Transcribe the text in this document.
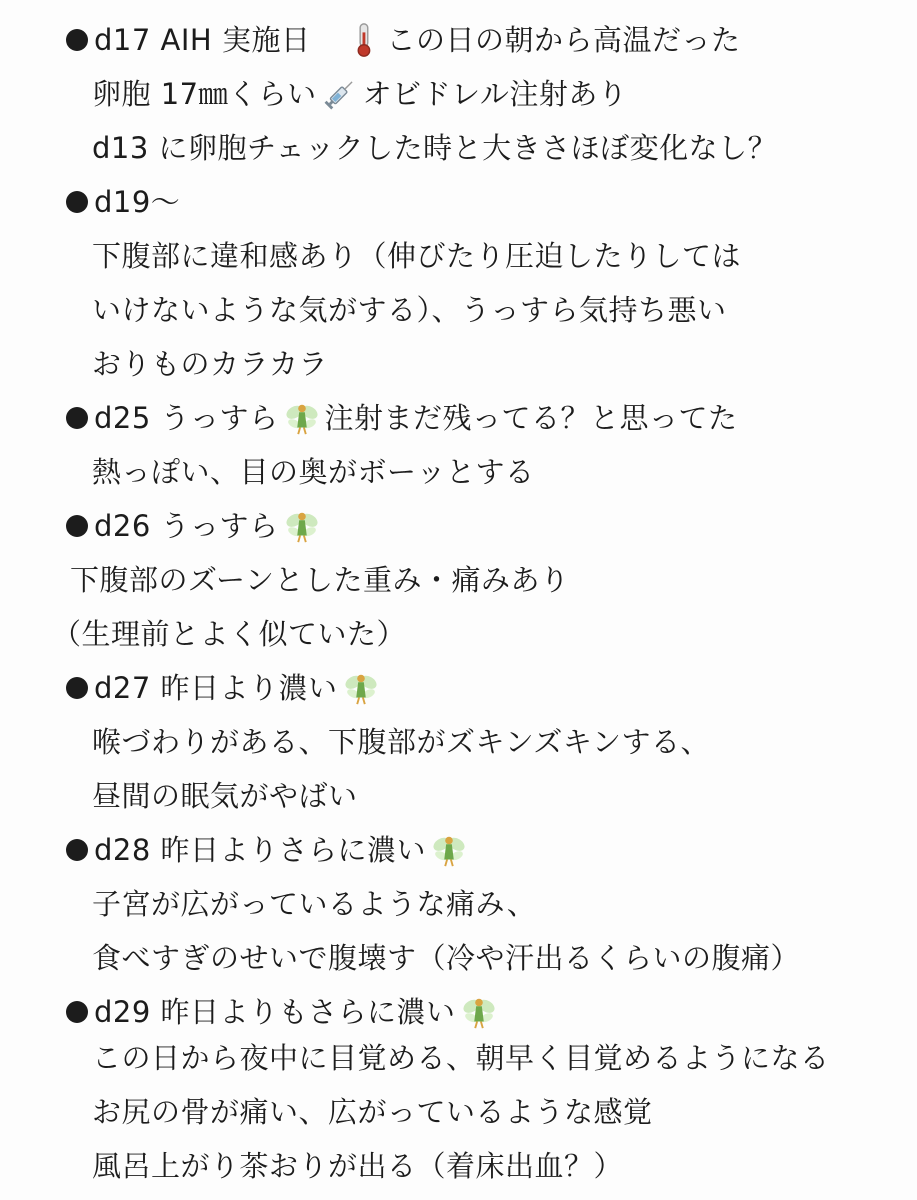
d17 AIH 実施日	この日の朝から高温だった
卵胞 17㎜くらい オビドレル注射あり
d13 に卵胞チェックした時と大きさほぼ変化なし？
d19～
下腹部に違和感あり（伸びたり圧迫したりしては
いけないような気がする）、うっすら気持ち悪い
おりものカラカラ
d25 うっすら 注射まだ残ってる？と思ってた
熱っぽい、目の奥がボーッとする
d26 うっすら
下腹部のズーンとした重み・痛みあり
（生理前とよく似ていた）
d27 昨日より濃い
喉づわりがある、下腹部がズキンズキンする、
昼間の眠気がやばい
d28 昨日よりさらに濃い
子宮が広がっているような痛み、
食べすぎのせいで腹壊す（冷や汗出るくらいの腹痛）
d29 昨日よりもさらに濃い
この日から夜中に目覚める、朝早く目覚めるようになる
お尻の骨が痛い、広がっているような感覚
風呂上がり茶おりが出る（着床出血？）
